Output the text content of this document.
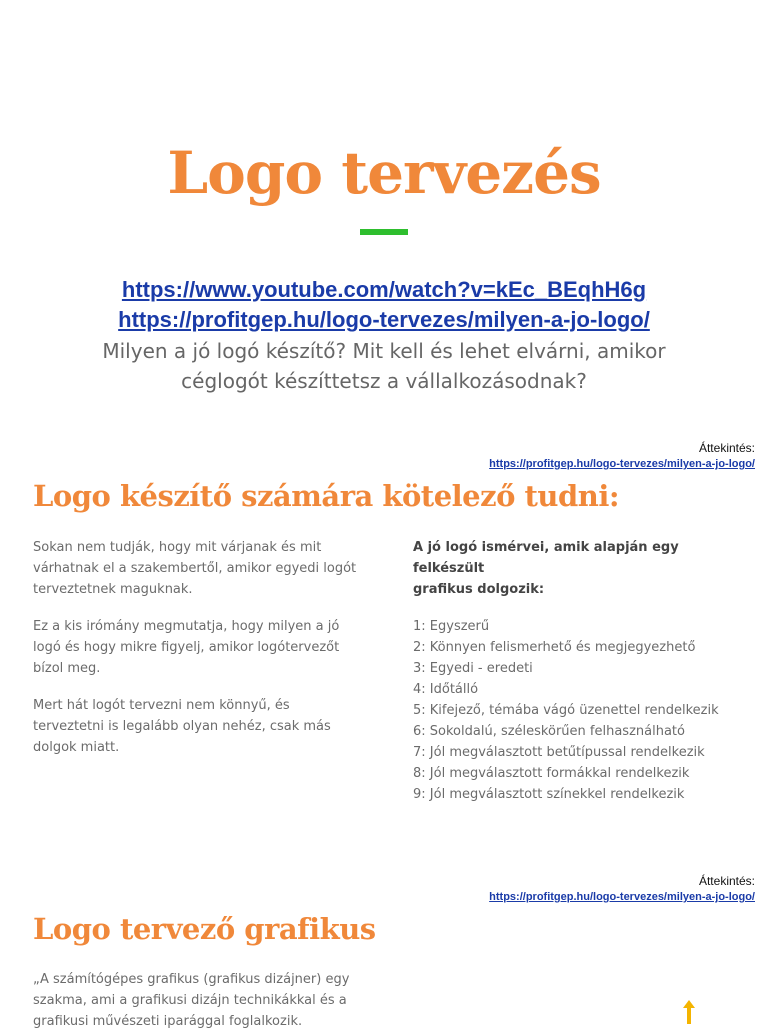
Logo tervezés
https://www.youtube.com/watch?v=kEc_BEqhH6g
https://profitgep.hu/logo-tervezes/milyen-a-jo-logo/
Milyen a jó logó készítő? Mit kell és lehet elvárni, amikor
céglogót készíttetsz a vállalkozásodnak?
Áttekintés:
https://profitgep.hu/logo-tervezes/milyen-a-jo-logo/
Logo készítő számára kötelező tudni:

Sokan nem tudják, hogy mit várjanak és mit
várhatnak el a szakembertől, amikor egyedi logót
terveztetnek maguknak.

Ez a kis irómány megmutatja, hogy milyen a jó
logó és hogy mikre figyelj, amikor logótervezőt
bízol meg.

Mert hát logót tervezni nem könnyű, és
terveztetni is legalább olyan nehéz, csak más
dolgok miatt.

A jó logó ismérvei, amik alapján egy felkészült
grafikus dolgozik:

1: Egyszerű
2: Könnyen felismerhető és megjegyezhető
3: Egyedi - eredeti
4: Időtálló
5: Kifejező, témába vágó üzenettel rendelkezik
6: Sokoldalú, széleskörűen felhasználható
7: Jól megválasztott betűtípussal rendelkezik
8: Jól megválasztott formákkal rendelkezik
9: Jól megválasztott színekkel rendelkezik

Áttekintés:
https://profitgep.hu/logo-tervezes/milyen-a-jo-logo/
Logo tervező grafikus

„A számítógépes grafikus (grafikus dizájner) egy
szakma, ami a grafikusi dizájn technikákkal és a
grafikusi művészeti iparággal foglalkozik.
